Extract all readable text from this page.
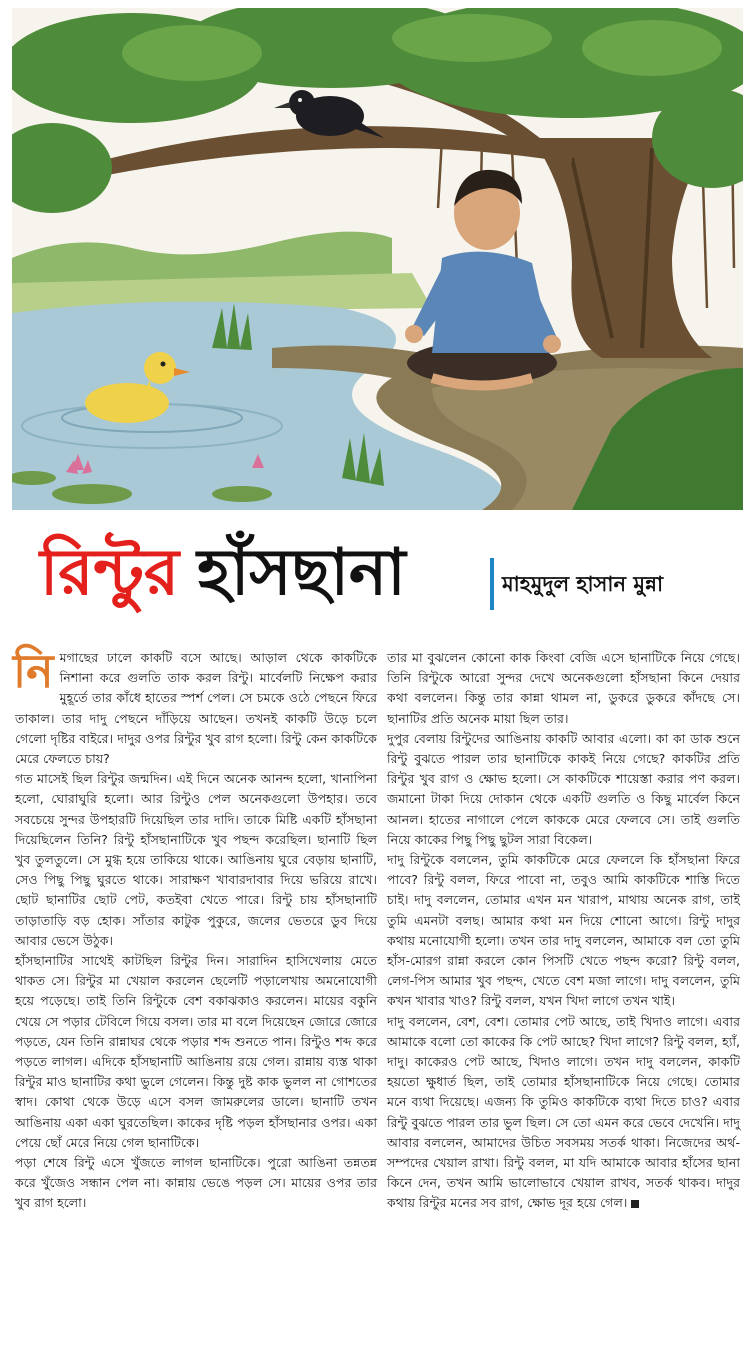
রিন্টুর হাঁসছানা	মাহমুদুল হাসান মুন্না

নিমগাছের ঢালে কাকটি বসে আছে। আড়াল থেকে কাকটিকে নিশানা করে গুলতি তাক করল রিন্টু। মার্বেলটি নিক্ষেপ করার মুহূর্তে তার কাঁধে হাতের স্পর্শ পেল। সে চমকে ওঠে পেছনে ফিরে তাকাল। তার দাদু পেছনে দাঁড়িয়ে আছেন। তখনই কাকটি উড়ে চলে গেলো দৃষ্টির বাইরে। দাদুর ওপর রিন্টুর খুব রাগ হলো। রিন্টু কেন কাকটিকে মেরে ফেলতে চায়?

গত মাসেই ছিল রিন্টুর জন্মদিন। এই দিনে অনেক আনন্দ হলো, খানাপিনা হলো, ঘোরাঘুরি হলো। আর রিন্টুও পেল অনেকগুলো উপহার। তবে সবচেয়ে সুন্দর উপহারটি দিয়েছিল তার দাদি। তাকে মিষ্টি একটি হাঁসছানা দিয়েছিলেন তিনি? রিন্টু হাঁসছানাটিকে খুব পছন্দ করেছিল। ছানাটি ছিল খুব তুলতুলে। সে মুগ্ধ হয়ে তাকিয়ে থাকে। আঙিনায় ঘুরে বেড়ায় ছানাটি, সেও পিছু পিছু ঘুরতে থাকে। সারাক্ষণ খাবারদাবার দিয়ে ভরিয়ে রাখে। ছোট ছানাটির ছোট পেট, কতইবা খেতে পারে। রিন্টু চায় হাঁসছানাটি তাড়াতাড়ি বড় হোক। সাঁতার কাটুক পুকুরে, জলের ভেতরে ডুব দিয়ে আবার ভেসে উঠুক।

হাঁসছানাটির সাথেই কাটছিল রিন্টুর দিন। সারাদিন হাসিখেলায় মেতে থাকত সে। রিন্টুর মা খেয়াল করলেন ছেলেটি পড়ালেখায় অমনোযোগী হয়ে পড়েছে। তাই তিনি রিন্টুকে বেশ বকাঝকাও করলেন। মায়ের বকুনি খেয়ে সে পড়ার টেবিলে গিয়ে বসল। তার মা বলে দিয়েছেন জোরে জোরে পড়তে, যেন তিনি রান্নাঘর থেকে পড়ার শব্দ শুনতে পান। রিন্টুও শব্দ করে পড়তে লাগল। এদিকে হাঁসছানাটি আঙিনায় রয়ে গেল। রান্নায় ব্যস্ত থাকা রিন্টুর মাও ছানাটির কথা ভুলে গেলেন। কিন্তু দুষ্ট কাক ভুলল না গোশতের স্বাদ। কোথা থেকে উড়ে এসে বসল জামরুলের ডালে। ছানাটি তখন আঙিনায় একা একা ঘুরতেছিল। কাকের দৃষ্টি পড়ল হাঁসছানার ওপর। একা পেয়ে ছোঁ মেরে নিয়ে গেল ছানাটিকে।

পড়া শেষে রিন্টু এসে খুঁজতে লাগল ছানাটিকে। পুরো আঙিনা তন্নতন্ন করে খুঁজেও সন্ধান পেল না। কান্নায় ভেঙে পড়ল সে। মায়ের ওপর তার খুব রাগ হলো।

তার মা বুঝলেন কোনো কাক কিংবা বেজি এসে ছানাটিকে নিয়ে গেছে। তিনি রিন্টুকে আরো সুন্দর দেখে অনেকগুলো হাঁসছানা কিনে দেয়ার কথা বললেন। কিন্তু তার কান্না থামল না, ডুকরে ডুকরে কাঁদছে সে। ছানাটির প্রতি অনেক মায়া ছিল তার।

দুপুর বেলায় রিন্টুদের আঙিনায় কাকটি আবার এলো। কা কা ডাক শুনে রিন্টু বুঝতে পারল তার ছানাটিকে কাকই নিয়ে গেছে? কাকটির প্রতি রিন্টুর খুব রাগ ও ক্ষোভ হলো। সে কাকটিকে শায়েস্তা করার পণ করল। জমানো টাকা দিয়ে দোকান থেকে একটি গুলতি ও কিছু মার্বেল কিনে আনল। হাতের নাগালে পেলে কাককে মেরে ফেলবে সে। তাই গুলতি নিয়ে কাকের পিছু পিছু ছুটল সারা বিকেল।

দাদু রিন্টুকে বললেন, তুমি কাকটিকে মেরে ফেললে কি হাঁসছানা ফিরে পাবে? রিন্টু বলল, ফিরে পাবো না, তবুও আমি কাকটিকে শাস্তি দিতে চাই। দাদু বললেন, তোমার এখন মন খারাপ, মাথায় অনেক রাগ, তাই তুমি এমনটা বলছ। আমার কথা মন দিয়ে শোনো আগে। রিন্টু দাদুর কথায় মনোযোগী হলো। তখন তার দাদু বললেন, আমাকে বল তো তুমি হাঁস-মোরগ রান্না করলে কোন পিসটি খেতে পছন্দ করো? রিন্টু বলল, লেগ-পিস আমার খুব পছন্দ, খেতে বেশ মজা লাগে। দাদু বললেন, তুমি কখন খাবার খাও? রিন্টু বলল, যখন খিদা লাগে তখন খাই।

দাদু বললেন, বেশ, বেশ। তোমার পেট আছে, তাই খিদাও লাগে। এবার আমাকে বলো তো কাকের কি পেট আছে? খিদা লাগে? রিন্টু বলল, হ্যাঁ, দাদু। কাকেরও পেট আছে, খিদাও লাগে। তখন দাদু বললেন, কাকটি হয়তো ক্ষুধার্ত ছিল, তাই তোমার হাঁসছানাটিকে নিয়ে গেছে। তোমার মনে ব্যথা দিয়েছে। এজন্য কি তুমিও কাকটিকে ব্যথা দিতে চাও? এবার রিন্টু বুঝতে পারল তার ভুল ছিল। সে তো এমন করে ভেবে দেখেনি। দাদু আবার বললেন, আমাদের উচিত সবসময় সতর্ক থাকা। নিজেদের অর্থ-সম্পদের খেয়াল রাখা। রিন্টু বলল, মা যদি আমাকে আবার হাঁসের ছানা কিনে দেন, তখন আমি ভালোভাবে খেয়াল রাখব, সতর্ক থাকব। দাদুর কথায় রিন্টুর মনের সব রাগ, ক্ষোভ দূর হয়ে গেল।
